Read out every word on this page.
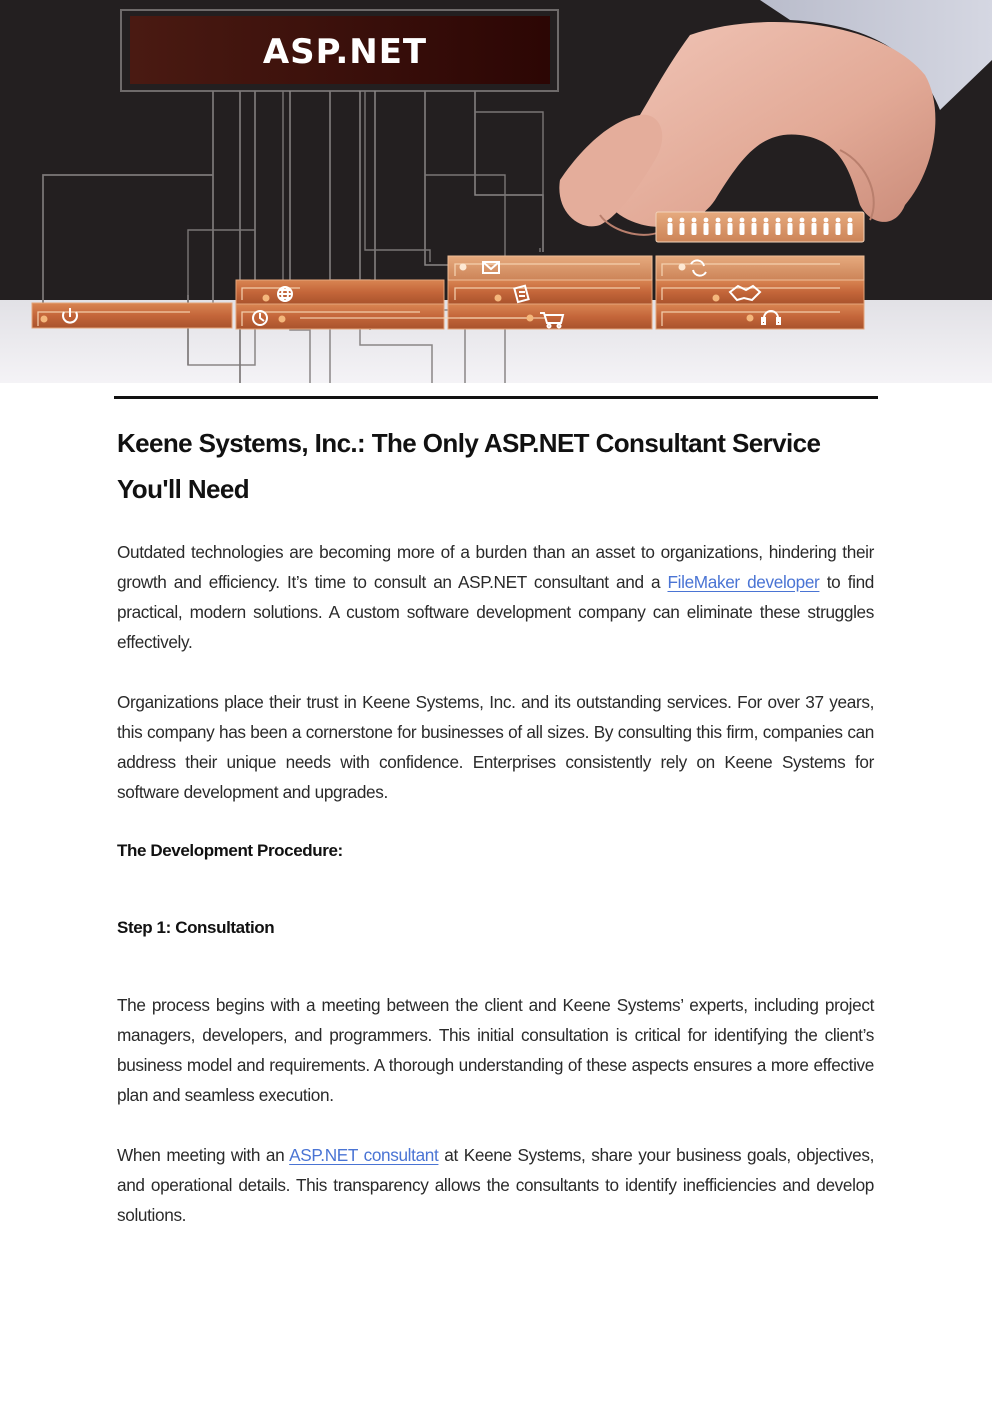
ASP.NET
Keene Systems, Inc.: The Only ASP.NET Consultant Service You'll Need

Outdated technologies are becoming more of a burden than an asset to organizations, hindering their growth and efficiency. It’s time to consult an ASP.NET consultant and a FileMaker developer to find practical, modern solutions. A custom software development company can eliminate these struggles effectively.

Organizations place their trust in Keene Systems, Inc. and its outstanding services. For over 37 years, this company has been a cornerstone for businesses of all sizes. By consulting this firm, companies can address their unique needs with confidence. Enterprises consistently rely on Keene Systems for software development and upgrades.

The Development Procedure:
Step 1: Consultation

The process begins with a meeting between the client and Keene Systems’ experts, including project managers, developers, and programmers. This initial consultation is critical for identifying the client’s business model and requirements. A thorough understanding of these aspects ensures a more effective plan and seamless execution.

When meeting with an ASP.NET consultant at Keene Systems, share your business goals, objectives, and operational details. This transparency allows the consultants to identify inefficiencies and develop solutions.
